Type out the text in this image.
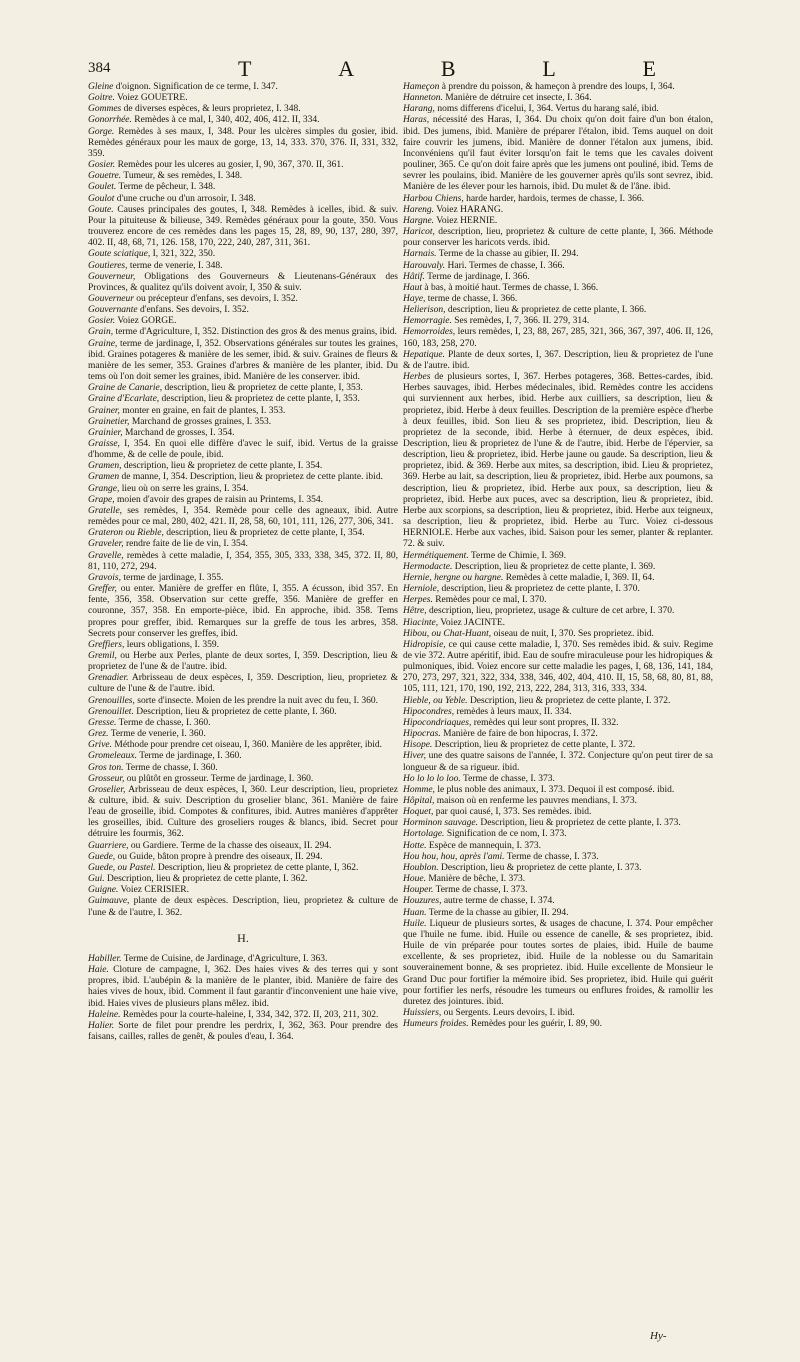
384	T	A	B	L	E

Gleine d'oignon. Signification de ce terme, I. 347.

Goitre. Voiez GOUETRE.

Gommes de diverses espèces, & leurs proprietez, I. 348.

Gonorrhée. Remèdes à ce mal, I, 340, 402, 406, 412. II, 334.

Gorge. Remèdes à ses maux, I, 348. Pour les ulcères simples du gosier, ibid. Remèdes généraux pour les maux de gorge, 13, 14, 333. 370, 376. II, 331, 332, 359.

Gosier. Remèdes pour les ulceres au gosier, I, 90, 367, 370. II, 361.

Gouetre. Tumeur, & ses remèdes, I. 348.

Goulet. Terme de pêcheur, I. 348.

Goulot d'une cruche ou d'un arrosoir, I. 348.

Goute. Causes principales des goutes, I, 348. Remèdes à icelles, ibid. & suiv. Pour la pituiteuse & bilieuse, 349. Remèdes généraux pour la goute, 350. Vous trouverez encore de ces remèdes dans les pages 15, 28, 89, 90, 137, 280, 397, 402. II, 48, 68, 71, 126. 158, 170, 222, 240, 287, 311, 361.

Goute sciatique, I, 321, 322, 350.

Goutieres, terme de venerie, I. 348.

Gouverneur, Obligations des Gouverneurs & Lieutenans-Généraux des Provinces, & qualitez qu'ils doivent avoir, I, 350 & suiv.

Gouverneur ou précepteur d'enfans, ses devoirs, I. 352.

Gouvernante d'enfans. Ses devoirs, I. 352.

Gosier. Voiez GORGE.

Grain, terme d'Agriculture, I, 352. Distinction des gros & des menus grains, ibid.

Graine, terme de jardinage, I, 352. Observations générales sur toutes les graines, ibid. Graines potageres & manière de les semer, ibid. & suiv. Graines de fleurs & manière de les semer, 353. Graines d'arbres & manière de les planter, ibid. Du tems où l'on doit semer les graines, ibid. Manière de les conserver. ibid.

Graine de Canarie, description, lieu & proprietez de cette plante, I, 353.

Graine d'Ecarlate, description, lieu & proprietez de cette plante, I, 353.

Grainer, monter en graine, en fait de plantes, I. 353.

Grainetier, Marchand de grosses graines, I. 353.

Grainier, Marchand de grosses, I. 354.

Graisse, I, 354. En quoi elle diffère d'avec le suif, ibid. Vertus de la graisse d'homme, & de celle de poule, ibid.

Gramen, description, lieu & proprietez de cette plante, I. 354.

Gramen de manne, I, 354. Description, lieu & proprietez de cette plante. ibid.

Grange, lieu où on serre les grains, I. 354.

Grape, moien d'avoir des grapes de raisin au Printems, I. 354.

Gratelle, ses remèdes, I, 354. Remède pour celle des agneaux, ibid. Autre remèdes pour ce mal, 280, 402, 421. II, 28, 58, 60, 101, 111, 126, 277, 306, 341.

Grateron ou Rieble, description, lieu & proprietez de cette plante, I, 354.

Graveler, rendre faite de lie de vin, I. 354.

Gravelle, remèdes à cette maladie, I, 354, 355, 305, 333, 338, 345, 372. II, 80, 81, 110, 272, 294.

Gravois, terme de jardinage, I. 355.

Greffer, ou enter. Manière de greffer en flûte, I, 355. A écusson, ibid 357. En fente, 356, 358. Observation sur cette greffe, 356. Manière de greffer en couronne, 357, 358. En emporte-pièce, ibid. En approche, ibid. 358. Tems propres pour greffer, ibid. Remarques sur la greffe de tous les arbres, 358. Secrets pour conserver les greffes, ibid.

Greffiers, leurs obligations, I. 359.

Gremil, ou Herbe aux Perles, plante de deux sortes, I, 359. Description, lieu & proprietez de l'une & de l'autre. ibid.

Grenadier. Arbrisseau de deux espèces, I, 359. Description, lieu, proprietez & culture de l'une & de l'autre. ibid.

Grenouilles, sorte d'insecte. Moien de les prendre la nuit avec du feu, I. 360.

Grenouillet. Description, lieu & proprietez de cette plante, I. 360.

Gresse. Terme de chasse, I. 360.

Grez. Terme de venerie, I. 360.

Grive. Méthode pour prendre cet oiseau, I, 360. Manière de les apprêter, ibid.

Gromeleaux. Terme de jardinage, I. 360.

Gros ton. Terme de chasse, I. 360.

Grosseur, ou plûtôt en grosseur. Terme de jardinage, I. 360.

Groselier, Arbrisseau de deux espèces, I, 360. Leur description, lieu, proprietez & culture, ibid. & suiv. Description du groselier blanc, 361. Manière de faire l'eau de groseille, ibid. Compotes & confitures, ibid. Autres manières d'apprêter les groseilles, ibid. Culture des groseliers rouges & blancs, ibid. Secret pour détruire les fourmis, 362.

Guarriere, ou Gardiere. Terme de la chasse des oiseaux, II. 294.

Guede, ou Guide, bâton propre à prendre des oiseaux, II. 294.

Guede, ou Pastel. Description, lieu & proprietez de cette plante, I, 362.

Gui. Description, lieu & proprietez de cette plante, I. 362.

Guigne. Voiez CERISIER.

Guimauve, plante de deux espèces. Description, lieu, proprietez & culture de l'une & de l'autre, I. 362.

H.

Habiller. Terme de Cuisine, de Jardinage, d'Agriculture, I. 363.

Haie. Cloture de campagne, I, 362. Des haies vives & des terres qui y sont propres, ibid. L'aubépin & la manière de le planter, ibid. Manière de faire des haies vives de houx, ibid. Comment il faut garantir d'inconvenient une haie vive, ibid. Haies vives de plusieurs plans mêlez. ibid.

Haleine. Remèdes pour la courte-haleine, I, 334, 342, 372. II, 203, 211, 302.

Halier. Sorte de filet pour prendre les perdrix, I, 362, 363. Pour prendre des faisans, cailles, ralles de genêt, & poules d'eau, I. 364.

Hameçon à prendre du poisson, & hameçon à prendre des loups, I, 364.

Hanneton. Manière de détruire cet insecte, I. 364.

Harang, noms differens d'icelui, I, 364. Vertus du harang salé, ibid.

Haras, nécessité des Haras, I, 364. Du choix qu'on doit faire d'un bon étalon, ibid. Des jumens, ibid. Manière de préparer l'étalon, ibid. Tems auquel on doit faire couvrir les jumens, ibid. Manière de donner l'étalon aux jumens, ibid. Inconvéniens qu'il faut éviter lorsqu'on fait le tems que les cavales doivent pouliner, 365. Ce qu'on doit faire après que les jumens ont pouliné, ibid. Tems de sevrer les poulains, ibid. Manière de les gouverner après qu'ils sont sevrez, ibid. Manière de les élever pour les harnois, ibid. Du mulet & de l'âne. ibid.

Harbou Chiens, harde harder, hardois, termes de chasse, I. 366.

Hareng. Voiez HARANG.

Hargne. Voiez HERNIE.

Haricot, description, lieu, proprietez & culture de cette plante, I, 366. Méthode pour conserver les haricots verds. ibid.

Harnais. Terme de la chasse au gibier, II. 294.

Harouvaly. Hari. Termes de chasse, I. 366.

Hâtif. Terme de jardinage, I. 366.

Haut à bas, à moitié haut. Termes de chasse, I. 366.

Haye, terme de chasse, I. 366.

Helierison, description, lieu & proprietez de cette plante, I. 366.

Hemorragie. Ses remèdes, I, 7, 366. II. 279, 314.

Hemorroides, leurs remèdes, I, 23, 88, 267, 285, 321, 366, 367, 397, 406. II, 126, 160, 183, 258, 270.

Hepatique. Plante de deux sortes, I, 367. Description, lieu & proprietez de l'une & de l'autre. ibid.

Herbes de plusieurs sortes, I, 367. Herbes potageres, 368. Bettes-cardes, ibid. Herbes sauvages, ibid. Herbes médecinales, ibid. Remèdes contre les accidens qui surviennent aux herbes, ibid. Herbe aux cuilliers, sa description, lieu & proprietez, ibid. Herbe à deux feuilles. Description de la première espèce d'herbe à deux feuilles, ibid. Son lieu & ses proprietez, ibid. Description, lieu & proprietez de la seconde, ibid. Herbe à éternuer, de deux espèces, ibid. Description, lieu & proprietez de l'une & de l'autre, ibid. Herbe de l'épervier, sa description, lieu & proprietez, ibid. Herbe jaune ou gaude. Sa description, lieu & proprietez, ibid. & 369. Herbe aux mites, sa description, ibid. Lieu & proprietez, 369. Herbe au lait, sa description, lieu & proprietez, ibid. Herbe aux poumons, sa description, lieu & proprietez, ibid. Herbe aux poux, sa description, lieu & proprietez, ibid. Herbe aux puces, avec sa description, lieu & proprietez, ibid. Herbe aux scorpions, sa description, lieu & proprietez, ibid. Herbe aux teigneux, sa description, lieu & proprietez, ibid. Herbe au Turc. Voiez ci-dessous HERNIOLE. Herbe aux vaches, ibid. Saison pour les semer, planter & replanter. 72. & suiv.

Hermétiquement. Terme de Chimie, I. 369.

Hermodacte. Description, lieu & proprietez de cette plante, I. 369.

Hernie, hergne ou hargne. Remèdes à cette maladie, I, 369. II, 64.

Herniole, description, lieu & proprietez de cette plante, I. 370.

Herpes. Remèdes pour ce mal, I. 370.

Hêtre, description, lieu, proprietez, usage & culture de cet arbre, I. 370.

Hiacinte, Voiez JACINTE.

Hibou, ou Chat-Huant, oiseau de nuit, I, 370. Ses proprietez. ibid.

Hidropisie, ce qui cause cette maladie, I, 370. Ses remèdes ibid. & suiv. Regime de vie 372. Autre apéritif, ibid. Eau de soufre miraculeuse pour les hidropiques & pulmoniques, ibid. Voiez encore sur cette maladie les pages, I, 68, 136, 141, 184, 270, 273, 297, 321, 322, 334, 338, 346, 402, 404, 410. II, 15, 58, 68, 80, 81, 88, 105, 111, 121, 170, 190, 192, 213, 222, 284, 313, 316, 333, 334.

Hieble, ou Yeble. Description, lieu & proprietez de cette plante, I. 372.

Hipocondres, remèdes à leurs maux, II. 334.

Hipocondriaques, remèdes qui leur sont propres, II. 332.

Hipocras. Manière de faire de bon hipocras, I. 372.

Hisope. Description, lieu & proprietez de cette plante, I. 372.

Hiver, une des quatre saisons de l'année, I. 372. Conjecture qu'on peut tirer de sa longueur & de sa rigueur. ibid.

Ho lo lo lo loo. Terme de chasse, I. 373.

Homme, le plus noble des animaux, I. 373. Dequoi il est composé. ibid.

Hôpital, maison où en renferme les pauvres mendians, I. 373.

Hoquet, par quoi causé, I, 373. Ses remèdes. ibid.

Horminon sauvage. Description, lieu & proprietez de cette plante, I. 373.

Hortolage. Signification de ce nom, I. 373.

Hotte. Espèce de mannequin, I. 373.

Hou hou, hou, après l'ami. Terme de chasse, I. 373.

Houblon. Description, lieu & proprietez de cette plante, I. 373.

Houe. Manière de bêche, I. 373.

Houper. Terme de chasse, I. 373.

Houzures, autre terme de chasse, I. 374.

Huan. Terme de la chasse au gibier, II. 294.

Huile. Liqueur de plusieurs sortes, & usages de chacune, I. 374. Pour empêcher que l'huile ne fume. ibid. Huile ou essence de canelle, & ses proprietez, ibid. Huile de vin préparée pour toutes sortes de plaies, ibid. Huile de baume excellente, & ses proprietez, ibid. Huile de la noblesse ou du Samaritain souverainement bonne, & ses proprietez. ibid. Huile excellente de Monsieur le Grand Duc pour fortifier la mémoire ibid. Ses proprietez, ibid. Huile qui guérit pour fortifier les nerfs, résoudre les tumeurs ou enflures froides, & ramollir les duretez des jointures. ibid.

Huissiers, ou Sergents. Leurs devoirs, I. ibid.

Humeurs froides. Remèdes pour les guérir, I. 89, 90.

Hy-
